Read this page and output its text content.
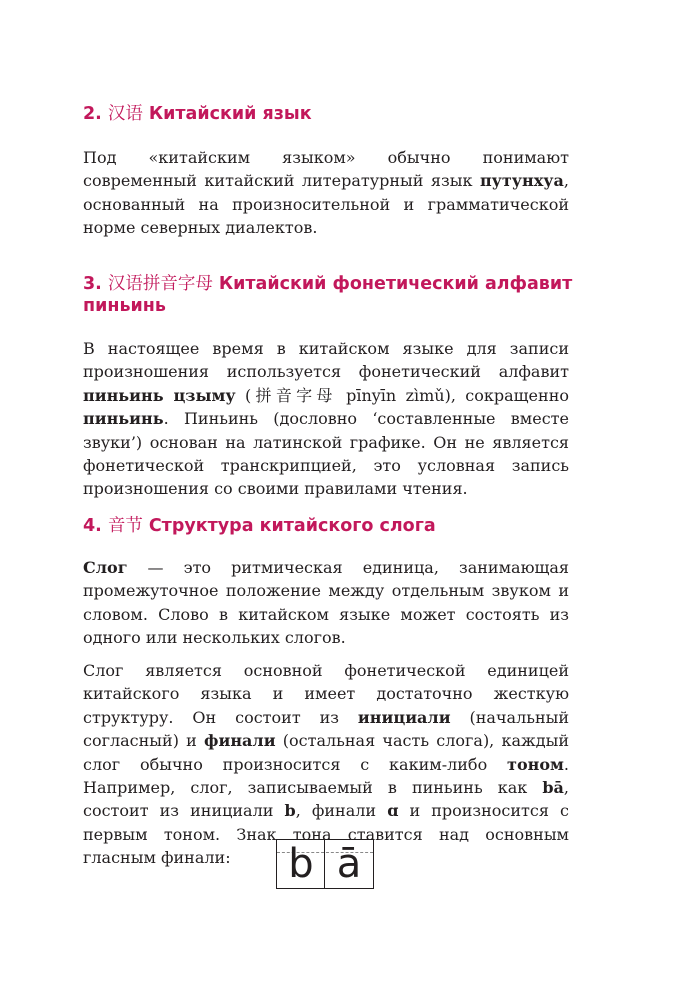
2. 汉语 Китайский язык

Под «китайским языком» обычно понимают современный китайский литературный язык путунхуа, основанный на произносительной и грамматической норме северных диалектов.

3. 汉语拼音字母 Китайский фонетический алфавит пиньинь

В настоящее время в китайском языке для записи произношения используется фонетический алфавит пиньинь цзыму (拼音字母 pīnyīn zìmǔ), сокращенно пиньинь. Пиньинь (дословно ‘составленные вместе звуки’) основан на латинской графике. Он не является фонетической транскрипцией, это условная запись произношения со своими правилами чтения.

4. 音节 Структура китайского слога

Слог — это ритмическая единица, занимающая промежуточное положение между отдельным звуком и словом. Слово в китайском языке может состоять из одного или нескольких слогов.

Слог является основной фонетической единицей китайского языка и имеет достаточно жесткую структуру. Он состоит из инициали (начальный согласный) и финали (остальная часть слога), каждый слог обычно произносится с каким-либо тоном. Например, слог, записываемый в пиньинь как bā, состоит из инициали b, финали ɑ и произносится с первым тоном. Знак тона ставится над основным гласным финали:	b ā
